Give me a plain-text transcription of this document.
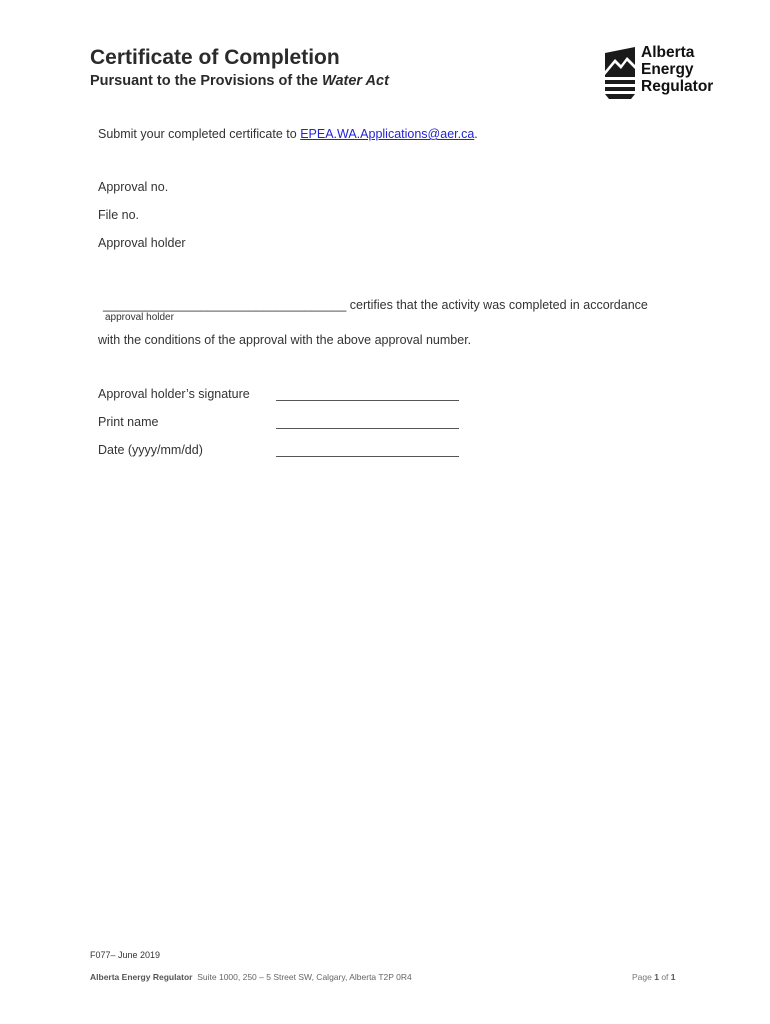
Certificate of Completion
Pursuant to the Provisions of the Water Act
Alberta
Energy
Regulator
Submit your completed certificate to EPEA.WA.Applications@aer.ca.
Approval no.
File no.
Approval holder
___________________________________ certifies that the activity was completed in accordance
approval holder
with the conditions of the approval with the above approval number.
Approval holder’s signature
Print name
Date (yyyy/mm/dd)
F077– June 2019
Alberta Energy Regulator Suite 1000, 250 – 5 Street SW, Calgary, Alberta T2P 0R4	Page 1 of 1
